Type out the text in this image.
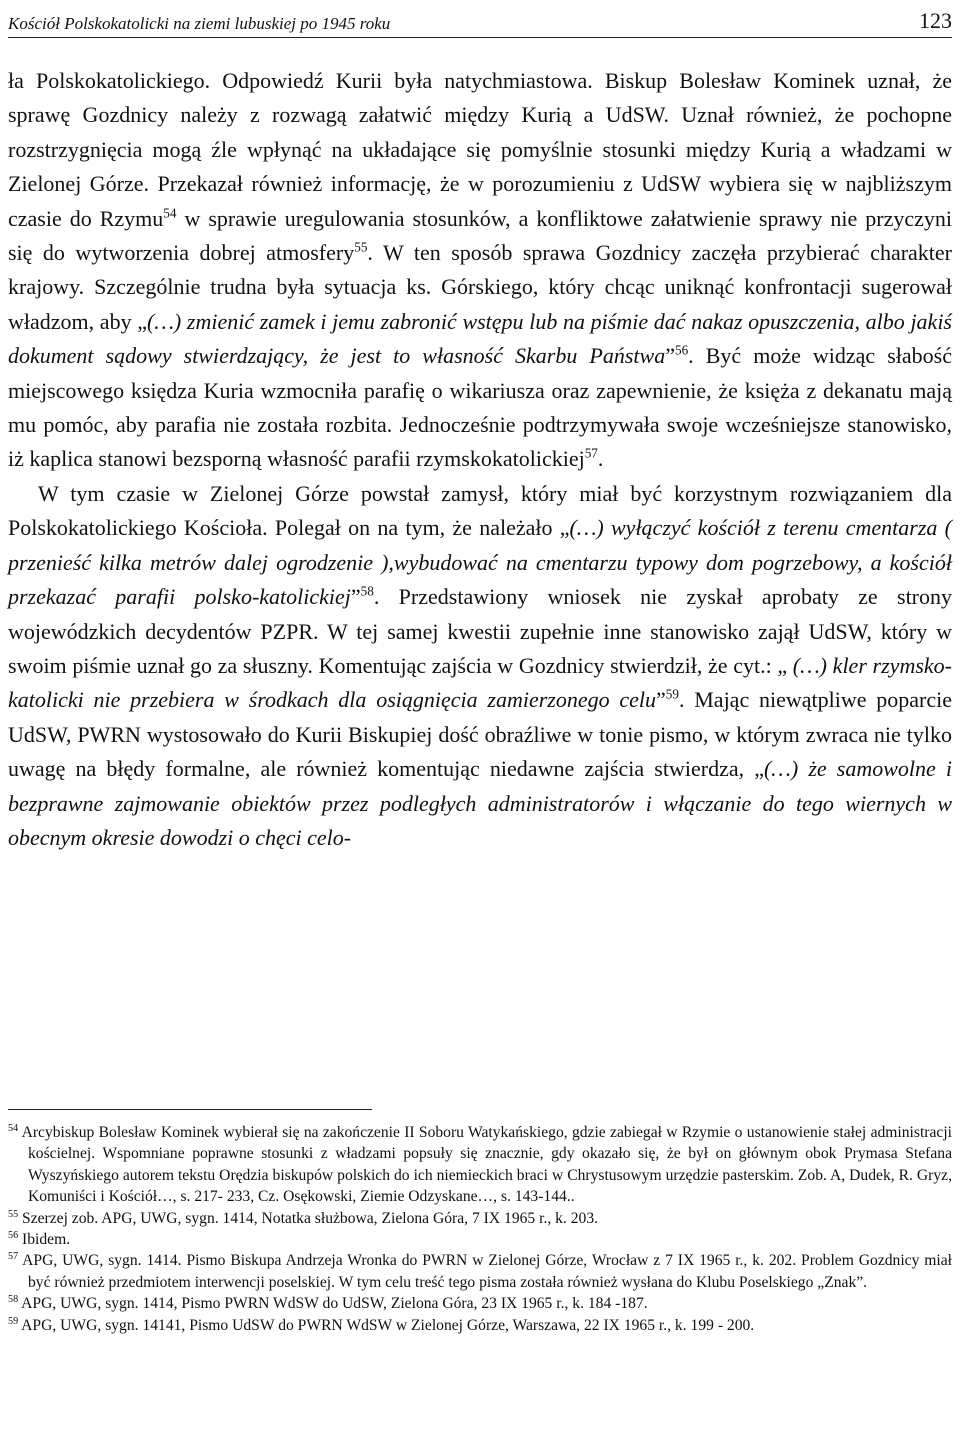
Kościół Polskokatolicki na ziemi lubuskiej po 1945 roku	123

ła Polskokatolickiego. Odpowiedź Kurii była natychmiastowa. Biskup Bolesław Kominek uznał, że sprawę Gozdnicy należy z rozwagą załatwić między Kurią a UdSW. Uznał również, że pochopne rozstrzygnięcia mogą źle wpłynąć na układające się pomyślnie stosunki między Kurią a władzami w Zielonej Górze. Przekazał również informację, że w porozumieniu z UdSW wybiera się w najbliższym czasie do Rzymu$^{54}$ w sprawie uregulowania stosunków, a konfliktowe załatwienie sprawy nie przyczyni się do wytworzenia dobrej atmosfery$^{55}$. W ten sposób sprawa Gozdnicy zaczęła przybierać charakter krajowy. Szczególnie trudna była sytuacja ks. Górskiego, który chcąc uniknąć konfrontacji sugerował władzom, aby „(…) zmienić zamek i jemu zabronić wstępu lub na piśmie dać nakaz opuszczenia, albo jakiś dokument sądowy stwierdzający, że jest to własność Skarbu Państwa”$^{56}$. Być może widząc słabość miejscowego księdza Kuria wzmocniła parafię o wikariusza oraz zapewnienie, że księża z dekanatu mają mu pomóc, aby parafia nie została rozbita. Jednocześnie podtrzymywała swoje wcześniejsze stanowisko, iż kaplica stanowi bezsporną własność parafii rzymskokatolickiej$^{57}$.

W tym czasie w Zielonej Górze powstał zamysł, który miał być korzystnym rozwiązaniem dla Polskokatolickiego Kościoła. Polegał on na tym, że należało „(…) wyłączyć kościół z terenu cmentarza ( przenieść kilka metrów dalej ogrodzenie ),wybudować na cmentarzu typowy dom pogrzebowy, a kościół przekazać parafii polsko-katolickiej”$^{58}$. Przedstawiony wniosek nie zyskał aprobaty ze strony wojewódzkich decydentów PZPR. W tej samej kwestii zupełnie inne stanowisko zajął UdSW, który w swoim piśmie uznał go za słuszny. Komentując zajścia w Gozdnicy stwierdził, że cyt.: „ (…) kler rzymsko-katolicki nie przebiera w środkach dla osiągnięcia zamierzonego celu”$^{59}$. Mając niewątpliwe poparcie UdSW, PWRN wystosowało do Kurii Biskupiej dość obraźliwe w tonie pismo, w którym zwraca nie tylko uwagę na błędy formalne, ale również komentując niedawne zajścia stwierdza, „(…) że samowolne i bezprawne zajmowanie obiektów przez podległych administratorów i włączanie do tego wiernych w obecnym okresie dowodzi o chęci celo-

$^{54}$ Arcybiskup Bolesław Kominek wybierał się na zakończenie II Soboru Watykańskiego, gdzie zabiegał w Rzymie o ustanowienie stałej administracji kościelnej. Wspomniane poprawne stosunki z władzami popsuły się znacznie, gdy okazało się, że był on głównym obok Prymasa Stefana Wyszyńskiego autorem tekstu Orędzia biskupów polskich do ich niemieckich braci w Chrystusowym urzędzie pasterskim. Zob. A, Dudek, R. Gryz, Komuniści i Kościół…, s. 217- 233, Cz. Osękowski, Ziemie Odzyskane…, s. 143-144..

$^{55}$ Szerzej zob. APG, UWG, sygn. 1414, Notatka służbowa, Zielona Góra, 7 IX 1965 r., k. 203.

$^{56}$ Ibidem.

$^{57}$ APG, UWG, sygn. 1414. Pismo Biskupa Andrzeja Wronka do PWRN w Zielonej Górze, Wrocław z 7 IX 1965 r., k. 202. Problem Gozdnicy miał być również przedmiotem interwencji poselskiej. W tym celu treść tego pisma została również wysłana do Klubu Poselskiego „Znak”.

$^{58}$ APG, UWG, sygn. 1414, Pismo PWRN WdSW do UdSW, Zielona Góra, 23 IX 1965 r., k. 184 -187.

$^{59}$ APG, UWG, sygn. 14141, Pismo UdSW do PWRN WdSW w Zielonej Górze, Warszawa, 22 IX 1965 r., k. 199 - 200.
